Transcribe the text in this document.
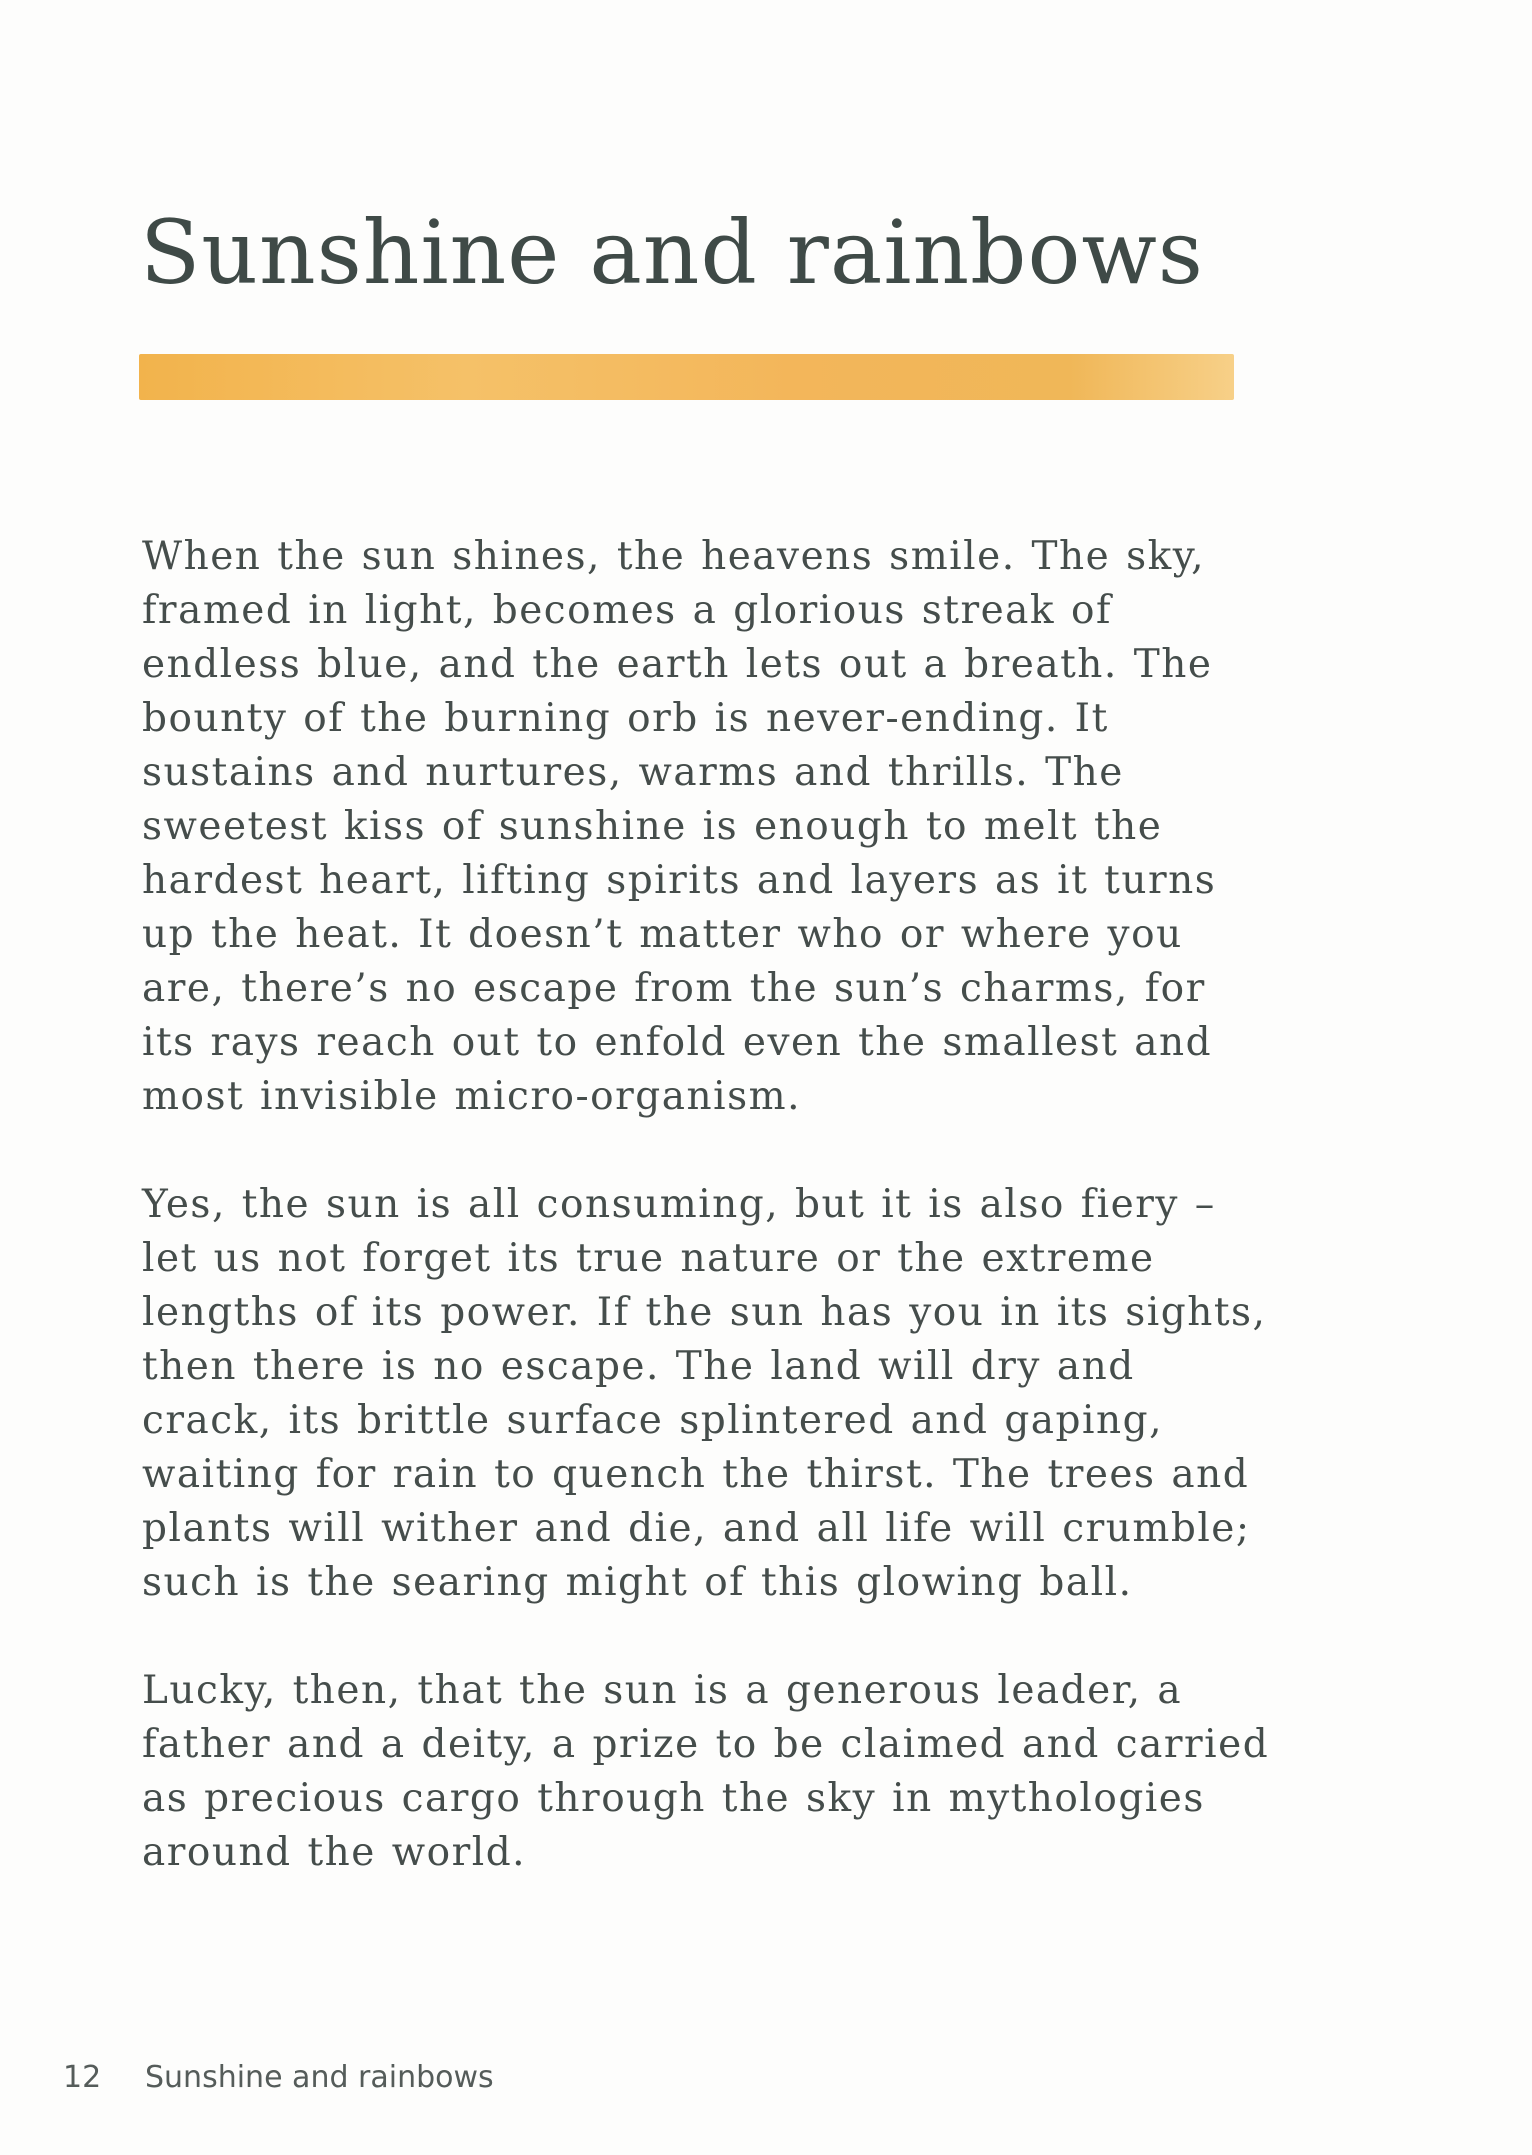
Sunshine and rainbows

When the sun shines, the heavens smile. The sky, framed in light, becomes a glorious streak of endless blue, and the earth lets out a breath. The bounty of the burning orb is never-ending. It sustains and nurtures, warms and thrills. The sweetest kiss of sunshine is enough to melt the hardest heart, lifting spirits and layers as it turns up the heat. It doesn’t matter who or where you are, there’s no escape from the sun’s charms, for its rays reach out to enfold even the smallest and most invisible micro-organism.

Yes, the sun is all consuming, but it is also fiery – let us not forget its true nature or the extreme lengths of its power. If the sun has you in its sights, then there is no escape. The land will dry and crack, its brittle surface splintered and gaping, waiting for rain to quench the thirst. The trees and plants will wither and die, and all life will crumble; such is the searing might of this glowing ball.

Lucky, then, that the sun is a generous leader, a father and a deity, a prize to be claimed and carried as precious cargo through the sky in mythologies around the world.

12 Sunshine and rainbows
